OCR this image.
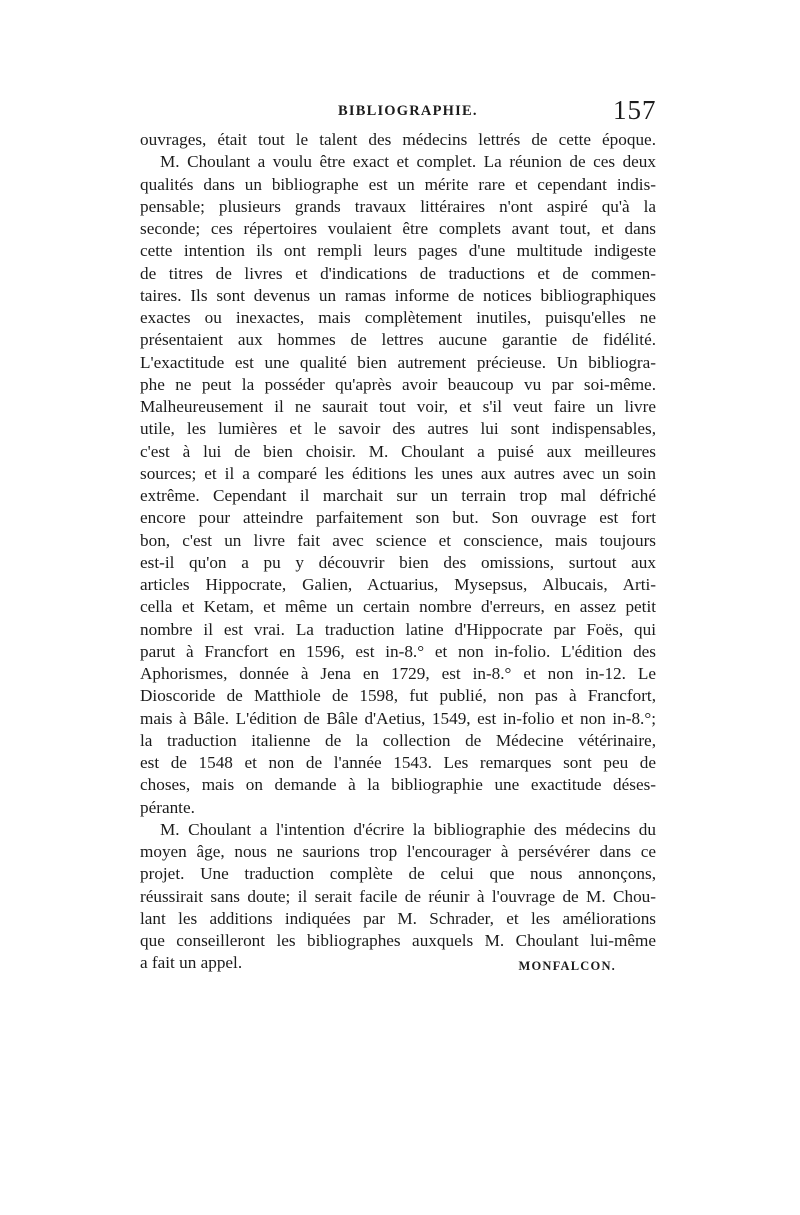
BIBLIOGRAPHIE.	157
ouvrages, était tout le talent des médecins lettrés de cette époque.
M. Choulant a voulu être exact et complet. La réunion de ces deux
qualités dans un bibliographe est un mérite rare et cependant indis-
pensable; plusieurs grands travaux littéraires n'ont aspiré qu'à la
seconde; ces répertoires voulaient être complets avant tout, et dans
cette intention ils ont rempli leurs pages d'une multitude indigeste
de titres de livres et d'indications de traductions et de commen-
taires. Ils sont devenus un ramas informe de notices bibliographiques
exactes ou inexactes, mais complètement inutiles, puisqu'elles ne
présentaient aux hommes de lettres aucune garantie de fidélité.
L'exactitude est une qualité bien autrement précieuse. Un bibliogra-
phe ne peut la posséder qu'après avoir beaucoup vu par soi-même.
Malheureusement il ne saurait tout voir, et s'il veut faire un livre
utile, les lumières et le savoir des autres lui sont indispensables,
c'est à lui de bien choisir. M. Choulant a puisé aux meilleures
sources; et il a comparé les éditions les unes aux autres avec un soin
extrême. Cependant il marchait sur un terrain trop mal défriché
encore pour atteindre parfaitement son but. Son ouvrage est fort
bon, c'est un livre fait avec science et conscience, mais toujours
est-il qu'on a pu y découvrir bien des omissions, surtout aux
articles Hippocrate, Galien, Actuarius, Mysepsus, Albucais, Arti-
cella et Ketam, et même un certain nombre d'erreurs, en assez petit
nombre il est vrai. La traduction latine d'Hippocrate par Foës, qui
parut à Francfort en 1596, est in-8.° et non in-folio. L'édition des
Aphorismes, donnée à Jena en 1729, est in-8.° et non in-12. Le
Dioscoride de Matthiole de 1598, fut publié, non pas à Francfort,
mais à Bâle. L'édition de Bâle d'Aetius, 1549, est in-folio et non in-8.°;
la traduction italienne de la collection de Médecine vétérinaire,
est de 1548 et non de l'année 1543. Les remarques sont peu de
choses, mais on demande à la bibliographie une exactitude déses-
pérante.
M. Choulant a l'intention d'écrire la bibliographie des médecins du
moyen âge, nous ne saurions trop l'encourager à persévérer dans ce
projet. Une traduction complète de celui que nous annonçons,
réussirait sans doute; il serait facile de réunir à l'ouvrage de M. Chou-
lant les additions indiquées par M. Schrader, et les améliorations
que conseilleront les bibliographes auxquels M. Choulant lui-même
a fait un appel.	MONFALCON.
